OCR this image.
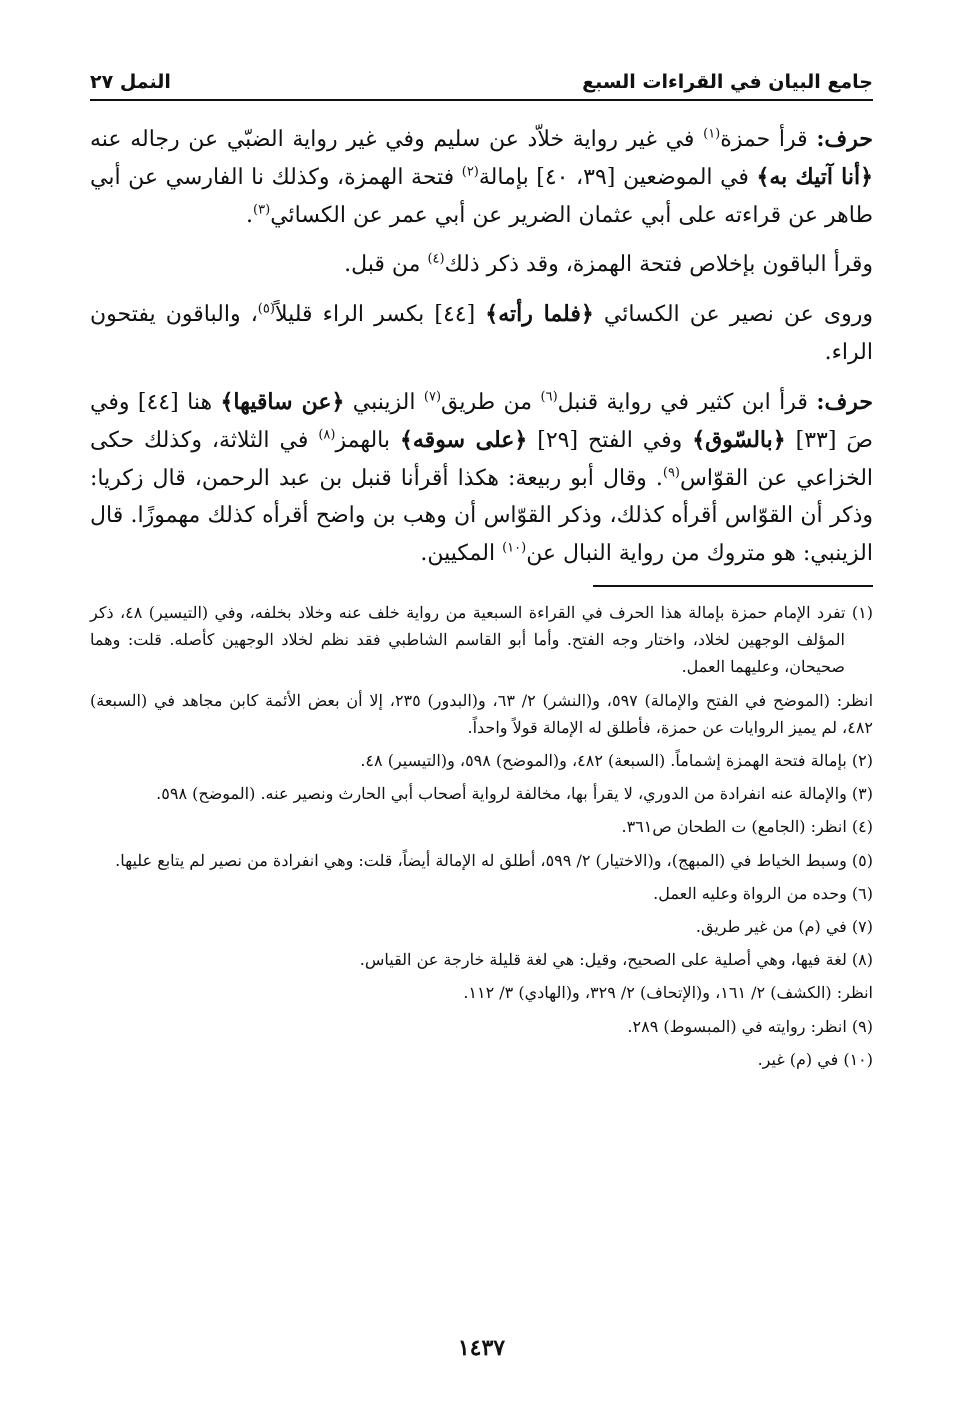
جامع البيان في القراءات السبع
النمل ٢٧

حرف: قرأ حمزة$^{(١)}$ في غير رواية خلاّد عن سليم وفي غير رواية الضبّي عن رجاله عنه ﴿أنا آتيك به﴾ في الموضعين [٣٩، ٤٠] بإمالة$^{(٢)}$ فتحة الهمزة، وكذلك نا الفارسي عن أبي طاهر عن قراءته على أبي عثمان الضرير عن أبي عمر عن الكسائي$^{(٣)}$.

وقرأ الباقون بإخلاص فتحة الهمزة، وقد ذكر ذلك$^{(٤)}$ من قبل.

وروى عن نصير عن الكسائي ﴿فلما رأته﴾ [٤٤] بكسر الراء قليلاً$^{(٥)}$، والباقون يفتحون الراء.

حرف: قرأ ابن كثير في رواية قنبل$^{(٦)}$ من طريق$^{(٧)}$ الزينبي ﴿عن ساقيها﴾ هنا [٤٤] وفي صَ [٣٣] ﴿بالسّوق﴾ وفي الفتح [٢٩] ﴿على سوقه﴾ بالهمز$^{(٨)}$ في الثلاثة، وكذلك حكى الخزاعي عن القوّاس$^{(٩)}$. وقال أبو ربيعة: هكذا أقرأنا قنبل بن عبد الرحمن، قال زكريا: وذكر أن القوّاس أقرأه كذلك، وذكر القوّاس أن وهب بن واضح أقرأه كذلك مهموزًا. قال الزينبي: هو متروك من رواية النبال عن$^{(١٠)}$ المكيين.

(١) تفرد الإمام حمزة بإمالة هذا الحرف في القراءة السبعية من رواية خلف عنه وخلاد بخلفه، وفي (التيسير) ٤٨، ذكر المؤلف الوجهين لخلاد، واختار وجه الفتح. وأما أبو القاسم الشاطبي فقد نظم لخلاد الوجهين كأصله. قلت: وهما صحيحان، وعليهما العمل.

انظر: (الموضح في الفتح والإمالة) ٥٩٧، و(النشر) ٢/ ٦٣، و(البدور) ٢٣٥، إلا أن بعض الأئمة كابن مجاهد في (السبعة) ٤٨٢، لم يميز الروايات عن حمزة، فأطلق له الإمالة قولاً واحداً.

(٢) بإمالة فتحة الهمزة إشماماً. (السبعة) ٤٨٢، و(الموضح) ٥٩٨، و(التيسير) ٤٨.

(٣) والإمالة عنه انفرادة من الدوري، لا يقرأ بها، مخالفة لرواية أصحاب أبي الحارث ونصير عنه. (الموضح) ٥٩٨.

(٤) انظر: (الجامع) ت الطحان ص٣٦١.

(٥) وسبط الخياط في (المبهج)، و(الاختيار) ٢/ ٥٩٩، أطلق له الإمالة أيضاً، قلت: وهي انفرادة من نصير لم يتابع عليها.

(٦) وحده من الرواة وعليه العمل.

(٧) في (م) من غير طريق.

(٨) لغة فيها، وهي أصلية على الصحيح، وقيل: هي لغة قليلة خارجة عن القياس.

انظر: (الكشف) ٢/ ١٦١، و(الإتحاف) ٢/ ٣٢٩، و(الهادي) ٣/ ١١٢.

(٩) انظر: روايته في (المبسوط) ٢٨٩.

(١٠) في (م) غير.

١٤٣٧
